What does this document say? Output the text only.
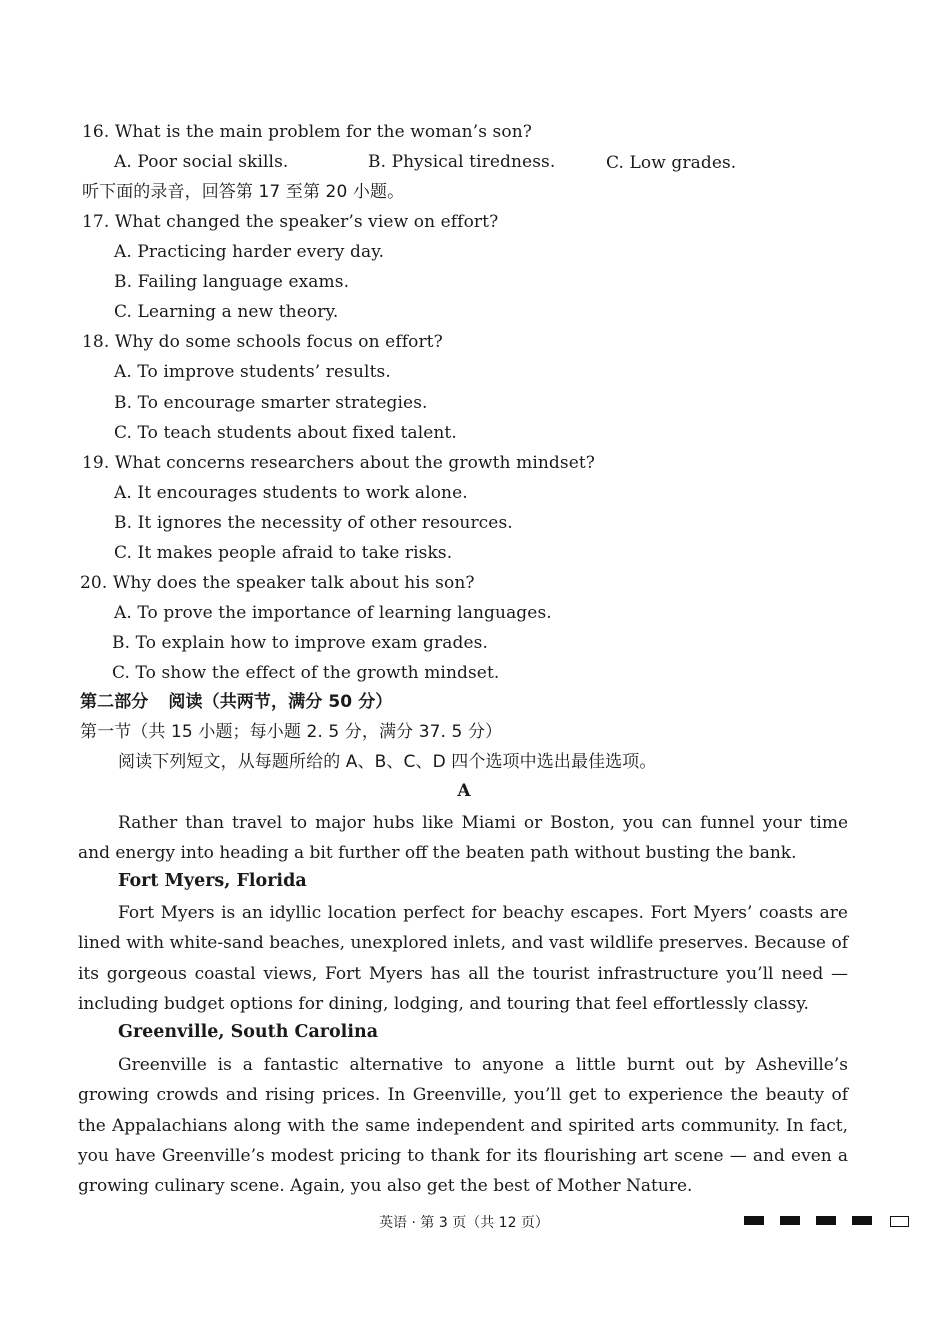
16. What is the main problem for the woman’s son?
A. Poor social skills.	B. Physical tiredness.	C. Low grades.
听下面的录音，回答第 17 至第 20 小题。
17. What changed the speaker’s view on effort?
A. Practicing harder every day.
B. Failing language exams.
C. Learning a new theory.
18. Why do some schools focus on effort?
A. To improve students’ results.
B. To encourage smarter strategies.
C. To teach students about fixed talent.
19. What concerns researchers about the growth mindset?
A. It encourages students to work alone.
B. It ignores the necessity of other resources.
C. It makes people afraid to take risks.
20. Why does the speaker talk about his son?
A. To prove the importance of learning languages.
B. To explain how to improve exam grades.
C. To show the effect of the growth mindset.
第二部分 阅读（共两节，满分 50 分）
第一节（共 15 小题；每小题 2. 5 分，满分 37. 5 分）
阅读下列短文，从每题所给的 A、B、C、D 四个选项中选出最佳选项。
A
Rather than travel to major hubs like Miami or Boston, you can funnel your time and energy into heading a bit further off the beaten path without busting the bank.
Fort Myers, Florida
Fort Myers is an idyllic location perfect for beachy escapes. Fort Myers’ coasts are lined with white-sand beaches, unexplored inlets, and vast wildlife preserves. Because of its gorgeous coastal views, Fort Myers has all the tourist infrastructure you’ll need — including budget options for dining, lodging, and touring that feel effortlessly classy.
Greenville, South Carolina
Greenville is a fantastic alternative to anyone a little burnt out by Asheville’s growing crowds and rising prices. In Greenville, you’ll get to experience the beauty of the Appalachians along with the same independent and spirited arts community. In fact, you have Greenville’s modest pricing to thank for its flourishing art scene — and even a growing culinary scene. Again, you also get the best of Mother Nature.
英语 · 第 3 页（共 12 页）
